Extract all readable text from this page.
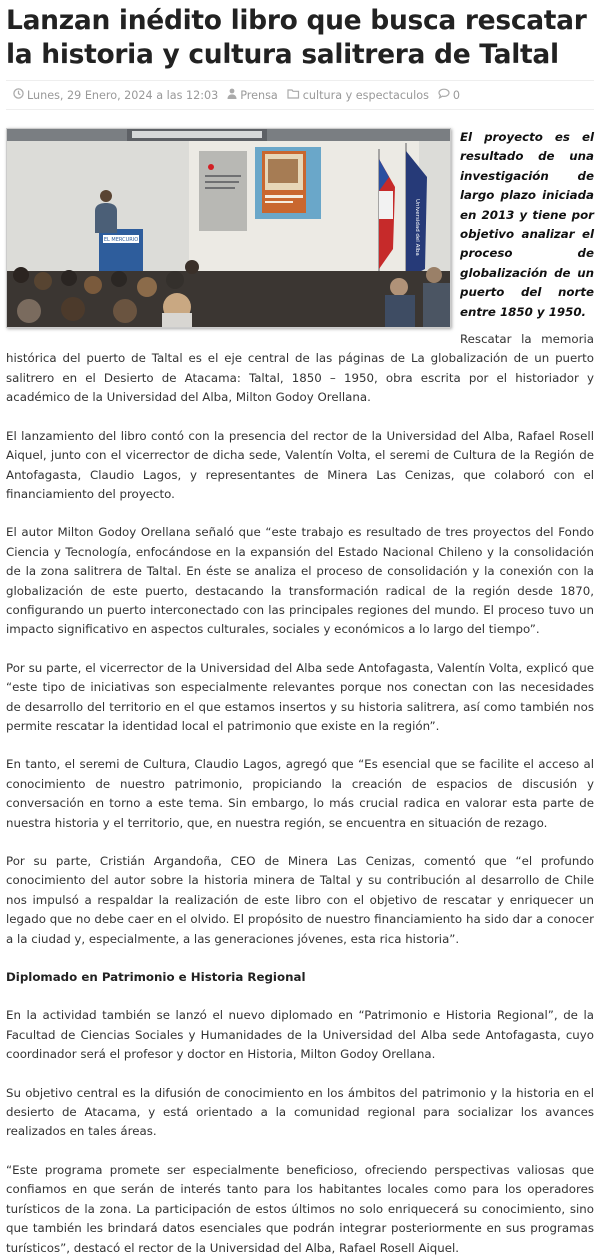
Lanzan inédito libro que busca rescatar la historia y cultura salitrera de Taltal
Lunes, 29 Enero, 2024 a las 12:03 Prensa cultura y espectaculos 0
EL MERCURIO	Universidad del Alba

El proyecto es el resultado de una investigación de largo plazo iniciada en 2013 y tiene por objetivo analizar el proceso de globalización de un puerto del norte entre 1850 y 1950.

Rescatar la memoria histórica del puerto de Taltal es el eje central de las páginas de La globalización de un puerto salitrero en el Desierto de Atacama: Taltal, 1850 – 1950, obra escrita por el historiador y académico de la Universidad del Alba, Milton Godoy Orellana.

El lanzamiento del libro contó con la presencia del rector de la Universidad del Alba, Rafael Rosell Aiquel, junto con el vicerrector de dicha sede, Valentín Volta, el seremi de Cultura de la Región de Antofagasta, Claudio Lagos, y representantes de Minera Las Cenizas, que colaboró con el financiamiento del proyecto.

El autor Milton Godoy Orellana señaló que “este trabajo es resultado de tres proyectos del Fondo Ciencia y Tecnología, enfocándose en la expansión del Estado Nacional Chileno y la consolidación de la zona salitrera de Taltal. En éste se analiza el proceso de consolidación y la conexión con la globalización de este puerto, destacando la transformación radical de la región desde 1870, configurando un puerto interconectado con las principales regiones del mundo. El proceso tuvo un impacto significativo en aspectos culturales, sociales y económicos a lo largo del tiempo”.

Por su parte, el vicerrector de la Universidad del Alba sede Antofagasta, Valentín Volta, explicó que “este tipo de iniciativas son especialmente relevantes porque nos conectan con las necesidades de desarrollo del territorio en el que estamos insertos y su historia salitrera, así como también nos permite rescatar la identidad local el patrimonio que existe en la región”.

En tanto, el seremi de Cultura, Claudio Lagos, agregó que “Es esencial que se facilite el acceso al conocimiento de nuestro patrimonio, propiciando la creación de espacios de discusión y conversación en torno a este tema. Sin embargo, lo más crucial radica en valorar esta parte de nuestra historia y el territorio, que, en nuestra región, se encuentra en situación de rezago.

Por su parte, Cristián Argandoña, CEO de Minera Las Cenizas, comentó que “el profundo conocimiento del autor sobre la historia minera de Taltal y su contribución al desarrollo de Chile nos impulsó a respaldar la realización de este libro con el objetivo de rescatar y enriquecer un legado que no debe caer en el olvido. El propósito de nuestro financiamiento ha sido dar a conocer a la ciudad y, especialmente, a las generaciones jóvenes, esta rica historia”.

Diplomado en Patrimonio e Historia Regional

En la actividad también se lanzó el nuevo diplomado en “Patrimonio e Historia Regional”, de la Facultad de Ciencias Sociales y Humanidades de la Universidad del Alba sede Antofagasta, cuyo coordinador será el profesor y doctor en Historia, Milton Godoy Orellana.

Su objetivo central es la difusión de conocimiento en los ámbitos del patrimonio y la historia en el desierto de Atacama, y está orientado a la comunidad regional para socializar los avances realizados en tales áreas.

“Este programa promete ser especialmente beneficioso, ofreciendo perspectivas valiosas que confiamos en que serán de interés tanto para los habitantes locales como para los operadores turísticos de la zona. La participación de estos últimos no solo enriquecerá su conocimiento, sino que también les brindará datos esenciales que podrán integrar posteriormente en sus programas turísticos”, destacó el rector de la Universidad del Alba, Rafael Rosell Aiquel.
